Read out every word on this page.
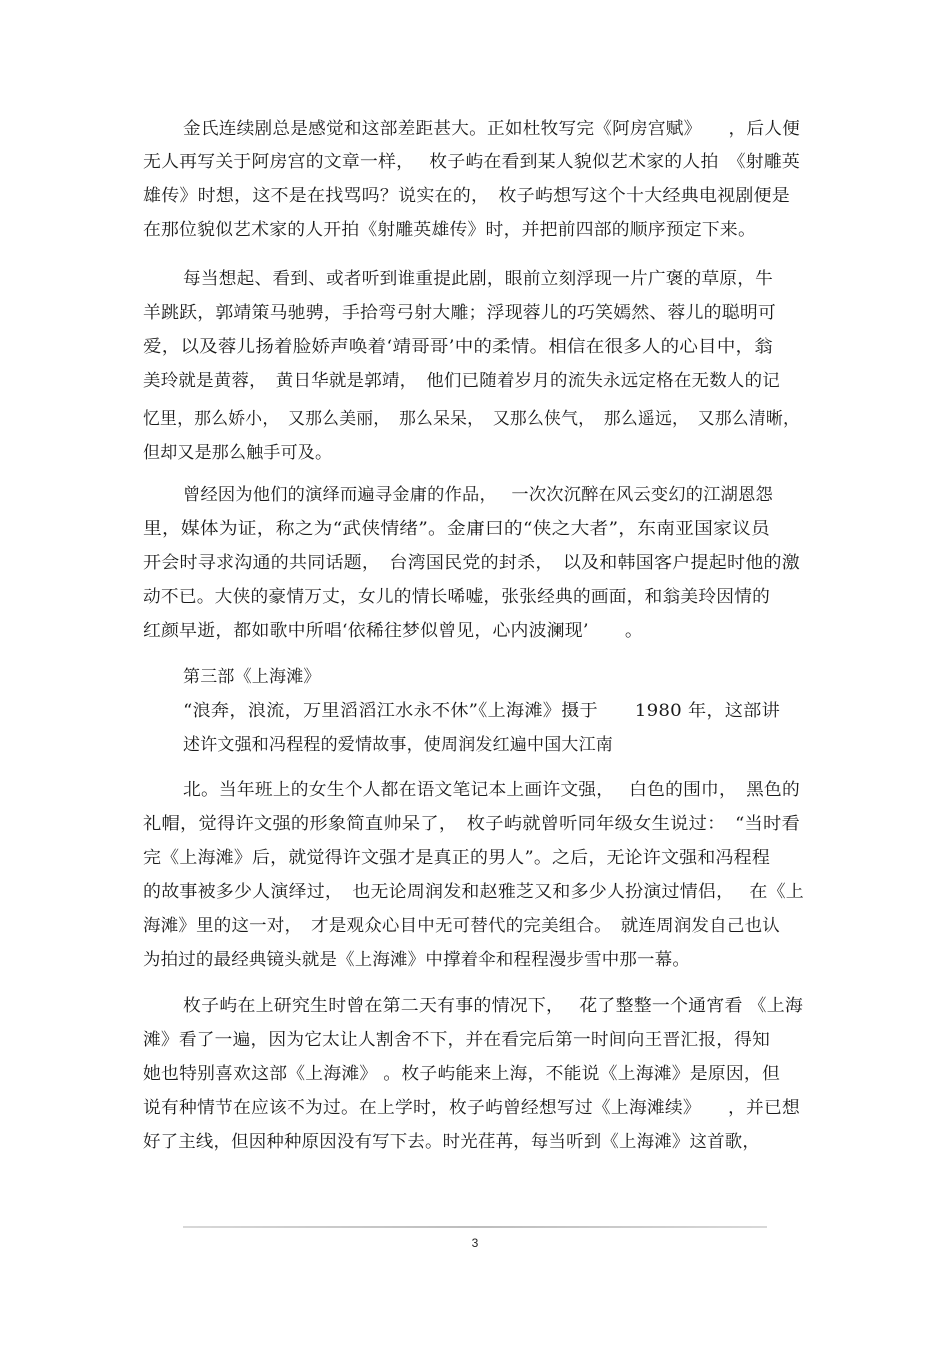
金氏连续剧总是感觉和这部差距甚大。正如杜牧写完《阿房宫赋》　　，后人便
无人再写关于阿房宫的文章一样，　 枚子屿在看到某人貌似艺术家的人拍　《射雕英
雄传》时想，这不是在找骂吗？说实在的，　枚子屿想写这个十大经典电视剧便是
在那位貌似艺术家的人开拍《射雕英雄传》时，并把前四部的顺序预定下来。
每当想起、看到、或者听到谁重提此剧，眼前立刻浮现一片广褒的草原，牛
羊跳跃，郭靖策马驰骋，手拾弯弓射大雕；浮现蓉儿的巧笑嫣然、蓉儿的聪明可
爱，以及蓉儿扬着脸娇声唤着‘靖哥哥’中的柔情。相信在很多人的心目中，翁
美玲就是黄蓉，　黄日华就是郭靖，　他们已随着岁月的流失永远定格在无数人的记
忆里，那么娇小，　又那么美丽，　那么呆呆，　又那么侠气，　那么遥远，　又那么清晰，
但却又是那么触手可及。
曾经因为他们的演绎而遍寻金庸的作品，　 一次次沉醉在风云变幻的江湖恩怨
里，媒体为证，称之为“武侠情绪”。金庸曰的“侠之大者”，东南亚国家议员
开会时寻求沟通的共同话题，　台湾国民党的封杀，　以及和韩国客户提起时他的激
动不已。大侠的豪情万丈，女儿的情长唏嘘，张张经典的画面，和翁美玲因情的
红颜早逝，都如歌中所唱‘依稀往梦似曾见，心内波澜现’　　。
第三部《上海滩》
“浪奔，浪流，万里滔滔江水永不休”《上海滩》摄于　　1980 年，这部讲
述许文强和冯程程的爱情故事，使周润发红遍中国大江南
北。当年班上的女生个人都在语文笔记本上画许文强，　 白色的围巾，　黑色的
礼帽，觉得许文强的形象简直帅呆了，　枚子屿就曾听同年级女生说过：　“当时看
完《上海滩》后，就觉得许文强才是真正的男人”。之后，无论许文强和冯程程
的故事被多少人演绎过，　也无论周润发和赵雅芝又和多少人扮演过情侣，　 在《上
海滩》里的这一对，　才是观众心目中无可替代的完美组合。　就连周润发自己也认
为拍过的最经典镜头就是《上海滩》中撑着伞和程程漫步雪中那一幕。
枚子屿在上研究生时曾在第二天有事的情况下，　 花了整整一个通宵看 《上海
滩》看了一遍，因为它太让人割舍不下，并在看完后第一时间向王晋汇报，得知
她也特别喜欢这部《上海滩》 。枚子屿能来上海，不能说《上海滩》是原因，但
说有种情节在应该不为过。在上学时，枚子屿曾经想写过《上海滩续》　　，并已想
好了主线，但因种种原因没有写下去。时光荏苒，每当听到《上海滩》这首歌，
3
